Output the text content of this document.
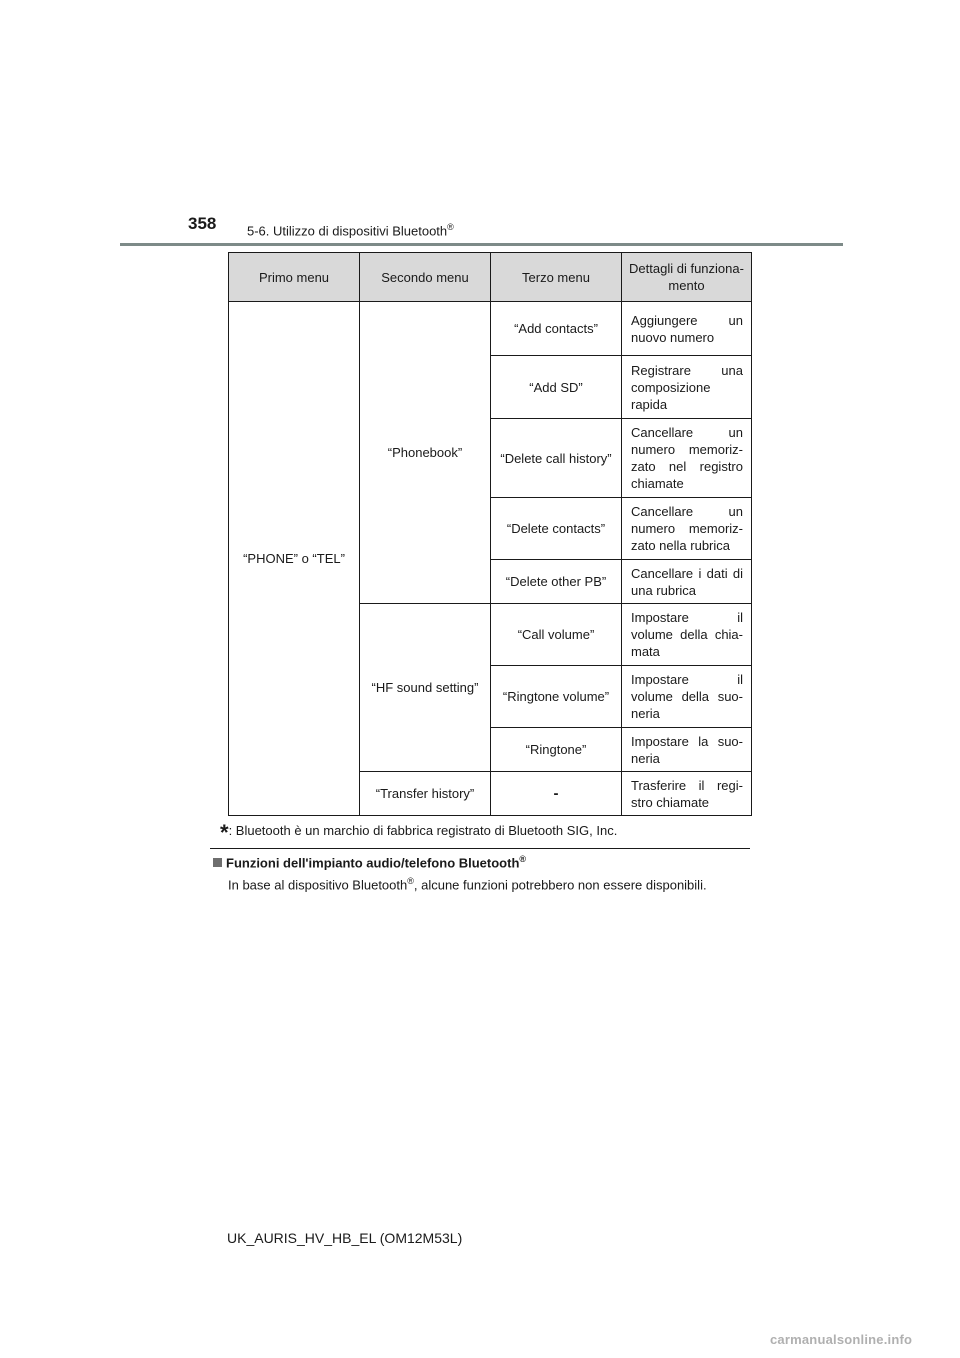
358 5-6. Utilizzo di dispositivi Bluetooth®
Primo menu	Secondo menu	Terzo menu	Dettagli di funziona-mento
“PHONE” o “TEL”	“Phonebook”	“Add contacts”	Aggiungere un nuovo numero
		“Add SD”	Registrare una composizione rapida
		“Delete call history”	Cancellare un numero memoriz-zato nel registro chiamate
		“Delete contacts”	Cancellare un numero memoriz-zato nella rubrica
		“Delete other PB”	Cancellare i dati di una rubrica
	“HF sound setting”	“Call volume”	Impostare il volume della chia-mata
		“Ringtone volume”	Impostare il volume della suo-neria
		“Ringtone”	Impostare la suo-neria
	“Transfer history”	-	Trasferire il regi-stro chiamate
*: Bluetooth è un marchio di fabbrica registrato di Bluetooth SIG, Inc.
Funzioni dell'impianto audio/telefono Bluetooth®
In base al dispositivo Bluetooth®, alcune funzioni potrebbero non essere disponibili.
UK_AURIS_HV_HB_EL (OM12M53L)
carmanualsonline.info
